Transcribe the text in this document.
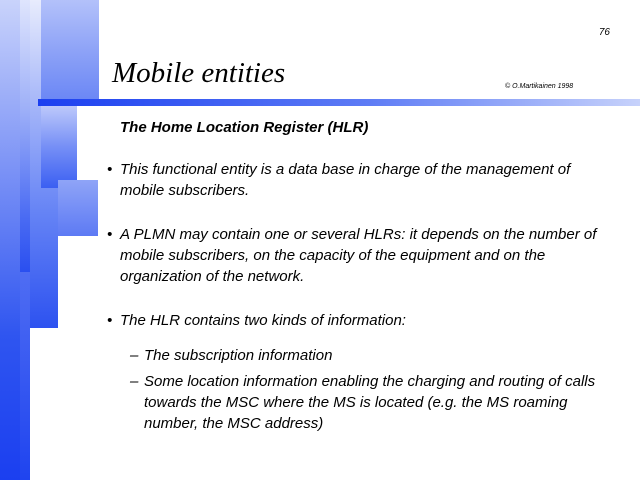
76
Mobile entities	© O.Martikainen 1998
The Home Location Register (HLR)
• This functional entity is a data base in charge of the management of mobile subscribers.
• A PLMN may contain one or several HLRs: it depends on the number of mobile subscribers, on the capacity of the equipment and on the organization of the network.
• The HLR contains two kinds of information:
– The subscription information
– Some location information enabling the charging and routing of calls towards the MSC where the MS is located (e.g. the MS roaming number, the MSC address)
